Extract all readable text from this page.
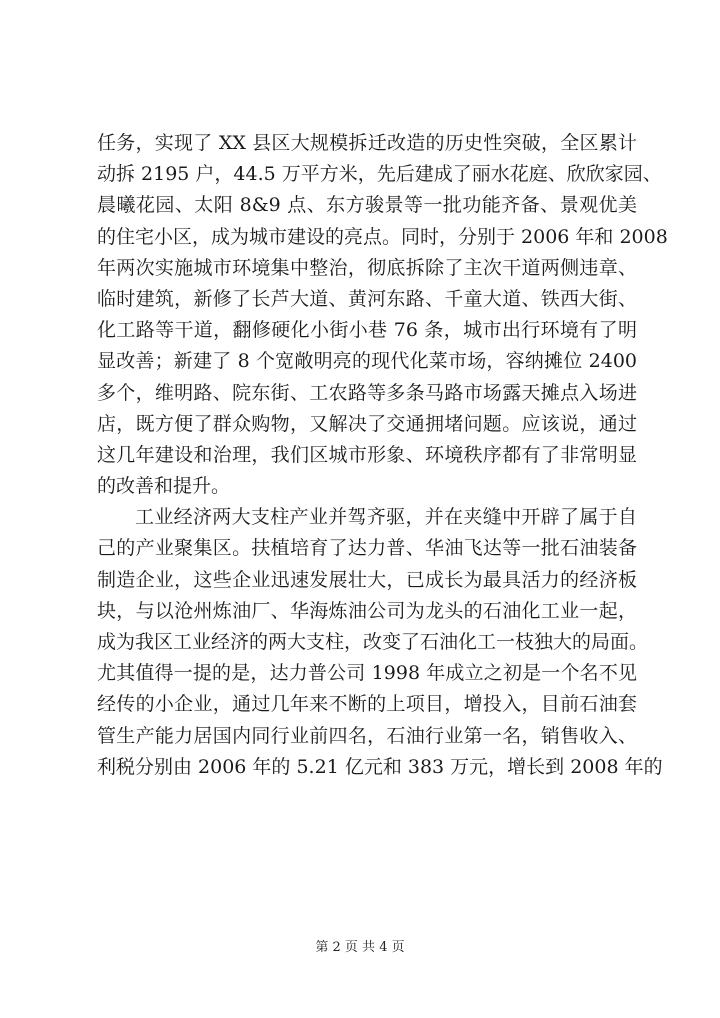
任务，实现了 XX 县区大规模拆迁改造的历史性突破，全区累计
动拆 2195 户，44.5 万平方米，先后建成了丽水花庭、欣欣家园、
晨曦花园、太阳 8&9 点、东方骏景等一批功能齐备、景观优美
的住宅小区，成为城市建设的亮点。同时，分别于 2006 年和 2008
年两次实施城市环境集中整治，彻底拆除了主次干道两侧违章、
临时建筑，新修了长芦大道、黄河东路、千童大道、铁西大街、
化工路等干道，翻修硬化小街小巷 76 条，城市出行环境有了明
显改善；新建了 8 个宽敞明亮的现代化菜市场，容纳摊位 2400
多个，维明路、院东街、工农路等多条马路市场露天摊点入场进
店，既方便了群众购物，又解决了交通拥堵问题。应该说，通过
这几年建设和治理，我们区城市形象、环境秩序都有了非常明显
的改善和提升。
工业经济两大支柱产业并驾齐驱，并在夹缝中开辟了属于自
己的产业聚集区。扶植培育了达力普、华油飞达等一批石油装备
制造企业，这些企业迅速发展壮大，已成长为最具活力的经济板
块，与以沧州炼油厂、华海炼油公司为龙头的石油化工业一起，
成为我区工业经济的两大支柱，改变了石油化工一枝独大的局面。
尤其值得一提的是，达力普公司 1998 年成立之初是一个名不见
经传的小企业，通过几年来不断的上项目，增投入，目前石油套
管生产能力居国内同行业前四名，石油行业第一名，销售收入、
利税分别由 2006 年的 5.21 亿元和 383 万元，增长到 2008 年的
第 2 页 共 4 页
